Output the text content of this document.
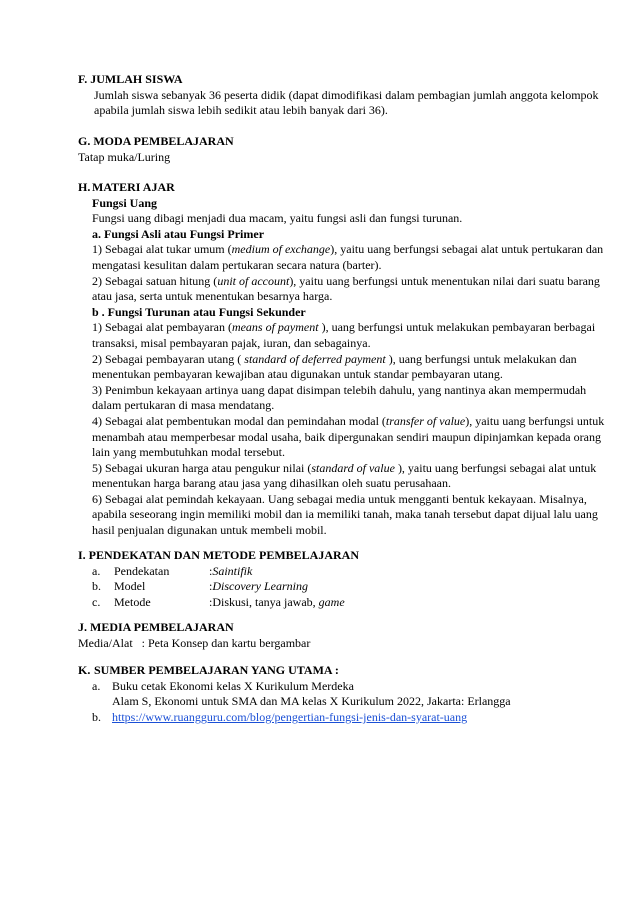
F. JUMLAH SISWA

Jumlah siswa sebanyak 36 peserta didik (dapat dimodifikasi dalam pembagian jumlah anggota kelompok apabila jumlah siswa lebih sedikit atau lebih banyak dari 36).

G. MODA PEMBELAJARAN

Tatap muka/Luring

H. MATERI AJAR
Fungsi Uang

Fungsi uang dibagi menjadi dua macam, yaitu fungsi asli dan fungsi turunan.

a. Fungsi Asli atau Fungsi Primer

1) Sebagai alat tukar umum (medium of exchange), yaitu uang berfungsi sebagai alat untuk pertukaran dan mengatasi kesulitan dalam pertukaran secara natura (barter).

2) Sebagai satuan hitung (unit of account), yaitu uang berfungsi untuk menentukan nilai dari suatu barang atau jasa, serta untuk menentukan besarnya harga.

b . Fungsi Turunan atau Fungsi Sekunder

1) Sebagai alat pembayaran (means of payment ), uang berfungsi untuk melakukan pembayaran berbagai transaksi, misal pembayaran pajak, iuran, dan sebagainya.

2) Sebagai pembayaran utang ( standard of deferred payment ), uang berfungsi untuk melakukan dan menentukan pembayaran kewajiban atau digunakan untuk standar pembayaran utang.

3) Penimbun kekayaan artinya uang dapat disimpan telebih dahulu, yang nantinya akan mempermudah dalam pertukaran di masa mendatang.

4) Sebagai alat pembentukan modal dan pemindahan modal (transfer of value), yaitu uang berfungsi untuk menambah atau memperbesar modal usaha, baik dipergunakan sendiri maupun dipinjamkan kepada orang lain yang membutuhkan modal tersebut.

5) Sebagai ukuran harga atau pengukur nilai (standard of value ), yaitu uang berfungsi sebagai alat untuk menentukan harga barang atau jasa yang dihasilkan oleh suatu perusahaan.

6) Sebagai alat pemindah kekayaan. Uang sebagai media untuk mengganti bentuk kekayaan. Misalnya, apabila seseorang ingin memiliki mobil dan ia memiliki tanah, maka tanah tersebut dapat dijual lalu uang hasil penjualan digunakan untuk membeli mobil.

I. PENDEKATAN DAN METODE PEMBELAJARAN
a.	Pendekatan	: Saintifik
b.	Model	: Discovery Learning
c.	Metode	: Diskusi, tanya jawab, game
J. MEDIA PEMBELAJARAN

Media/Alat   : Peta Konsep dan kartu bergambar

K. SUMBER PEMBELAJARAN YANG UTAMA :
a. Buku cetak Ekonomi kelas X Kurikulum Merdeka
Alam S, Ekonomi untuk SMA dan MA kelas X Kurikulum 2022, Jakarta: Erlangga
b. https://www.ruangguru.com/blog/pengertian-fungsi-jenis-dan-syarat-uang
